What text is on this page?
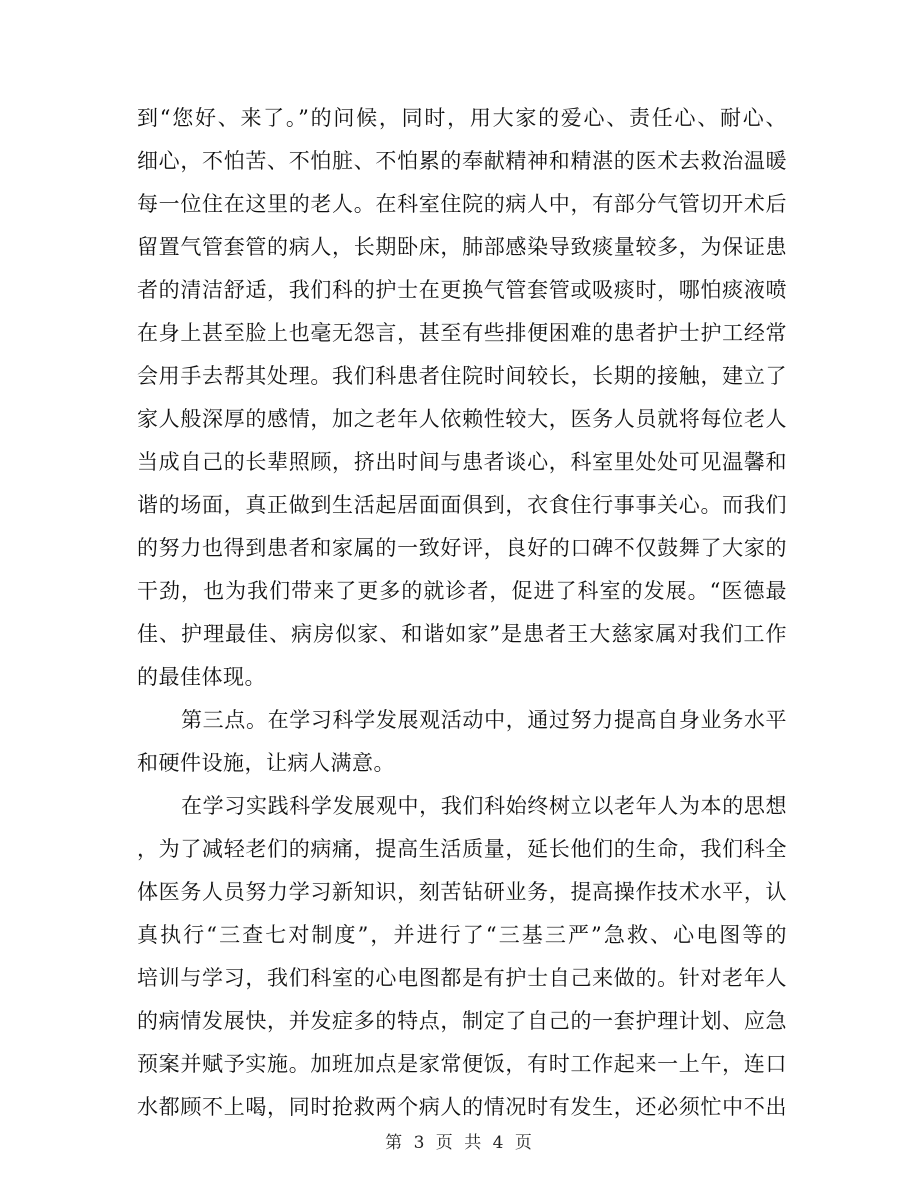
到“您好、来了。”的问候，同时，用大家的爱心、责任心、耐心、
细心，不怕苦、不怕脏、不怕累的奉献精神和精湛的医术去救治温暖
每一位住在这里的老人。在科室住院的病人中，有部分气管切开术后
留置气管套管的病人，长期卧床，肺部感染导致痰量较多，为保证患
者的清洁舒适，我们科的护士在更换气管套管或吸痰时，哪怕痰液喷
在身上甚至脸上也毫无怨言，甚至有些排便困难的患者护士护工经常
会用手去帮其处理。我们科患者住院时间较长，长期的接触，建立了
家人般深厚的感情，加之老年人依赖性较大，医务人员就将每位老人
当成自己的长辈照顾，挤出时间与患者谈心，科室里处处可见温馨和
谐的场面，真正做到生活起居面面俱到，衣食住行事事关心。而我们
的努力也得到患者和家属的一致好评，良好的口碑不仅鼓舞了大家的
干劲，也为我们带来了更多的就诊者，促进了科室的发展。“医德最
佳、护理最佳、病房似家、和谐如家”是患者王大慈家属对我们工作
的最佳体现。
第三点。在学习科学发展观活动中，通过努力提高自身业务水平
和硬件设施，让病人满意。
在学习实践科学发展观中，我们科始终树立以老年人为本的思想
，为了减轻老们的病痛，提高生活质量，延长他们的生命，我们科全
体医务人员努力学习新知识，刻苦钻研业务，提高操作技术水平，认
真执行“三查七对制度”，并进行了“三基三严”急救、心电图等的
培训与学习，我们科室的心电图都是有护士自己来做的。针对老年人
的病情发展快，并发症多的特点，制定了自己的一套护理计划、应急
预案并赋予实施。加班加点是家常便饭，有时工作起来一上午，连口
水都顾不上喝，同时抢救两个病人的情况时有发生，还必须忙中不出
第 3 页 共 4 页
